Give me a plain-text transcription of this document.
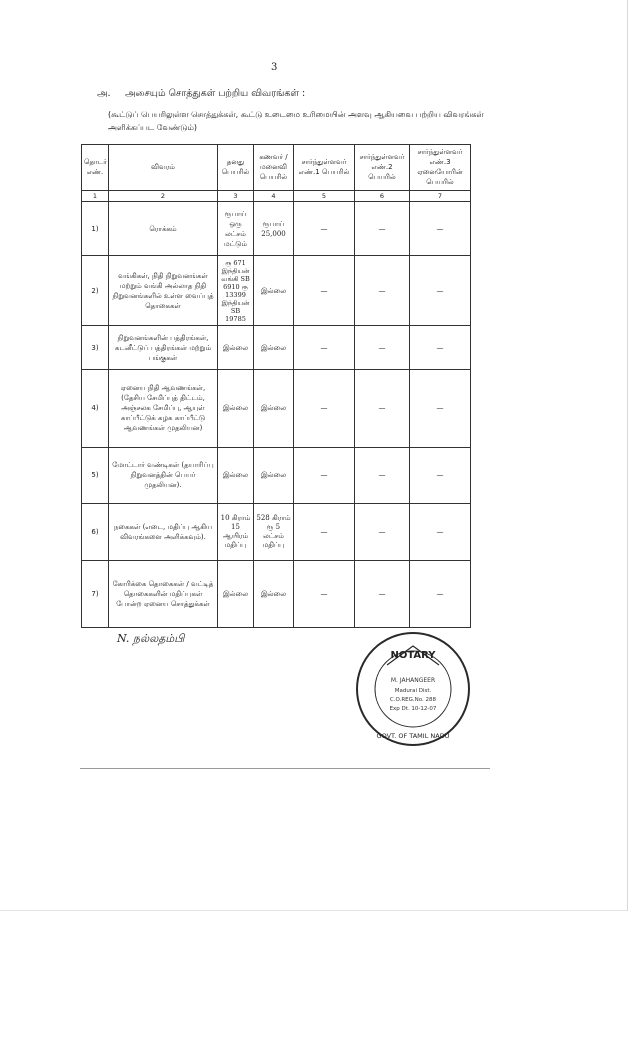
3
அ. அசையும் சொத்துகள் பற்றிய விவரங்கள் :
(கூட்டுப் பெயரிலுள்ள சொத்துக்கள், கூட்டு உடைமை உரிமையின் அளவு ஆகியவை பற்றிய விவரங்கள் அளிக்கப்பட வேண்டும்)
தொடர் எண்.	விவரம்	தனது பெயரில்	கணவர் / மனைவி பெயரில்	சார்ந்துள்ளவர் எண்.1 பெயரில்	சார்ந்துள்ளவர் எண்.2 பெயரில்	சார்ந்துள்ளவர் எண்.3 ஏனையோரின் பெயரில்
1	2	3	4	5	6	7
1)	ரொக்கம்	ரூபாய் ஒரு லட்சம் மட்டும்	ரூபாய் 25,000	—	—	—
2)	வங்கிகள், நிதி நிறுவனங்கள் மற்றும் வங்கி அல்லாத நிதி நிறுவனங்களில் உள்ள வைப்புத் தொகைகள்	ரூ 671 இந்தியன் வங்கி SB 6910 ரூ 13399 இந்தியன் SB 19785	இல்லை	—	—	—
3)	நிறுவனங்களின் பத்திரங்கள், கடனீட்டுப் பத்திரங்கள் மற்றும் பங்குகள்	இல்லை	இல்லை	—	—	—
4)	ஏனைய நிதி ஆவணங்கள், (தேசிய சேமிப்புத் திட்டம், அஞ்சலக சேமிப்பு, ஆயுள் காப்பீட்டுக் கழக காப்பீட்டு ஆவணங்கள் முதலியன)	இல்லை	இல்லை	—	—	—
5)	மோட்டார் வண்டிகள் (தயாரிப்பு நிறுவனத்தின் பெயர் முதலியன).	இல்லை	இல்லை	—	—	—
6)	நகைகள் (எடை, மதிப்பு ஆகிய விவரங்களை அளிக்கவும்).	10 கிராம் 15 ஆயிரம் மதிப்பு	528 கிராம் ரூ 5 லட்சம் மதிப்பு	—	—	—
7)	கோரிக்கை தொகைகள் / வட்டித் தொகைகளின் மதிப்புகள் போன்ற ஏனைய சொத்துக்கள்	இல்லை	இல்லை	—	—	—
N. நல்லதம்பி
NOTARY
M. JAHANGEER
Madurai Dist.
C.O.REG.No. 288
Exp Dt. 10-12-07
GOVT. OF TAMIL NADU
